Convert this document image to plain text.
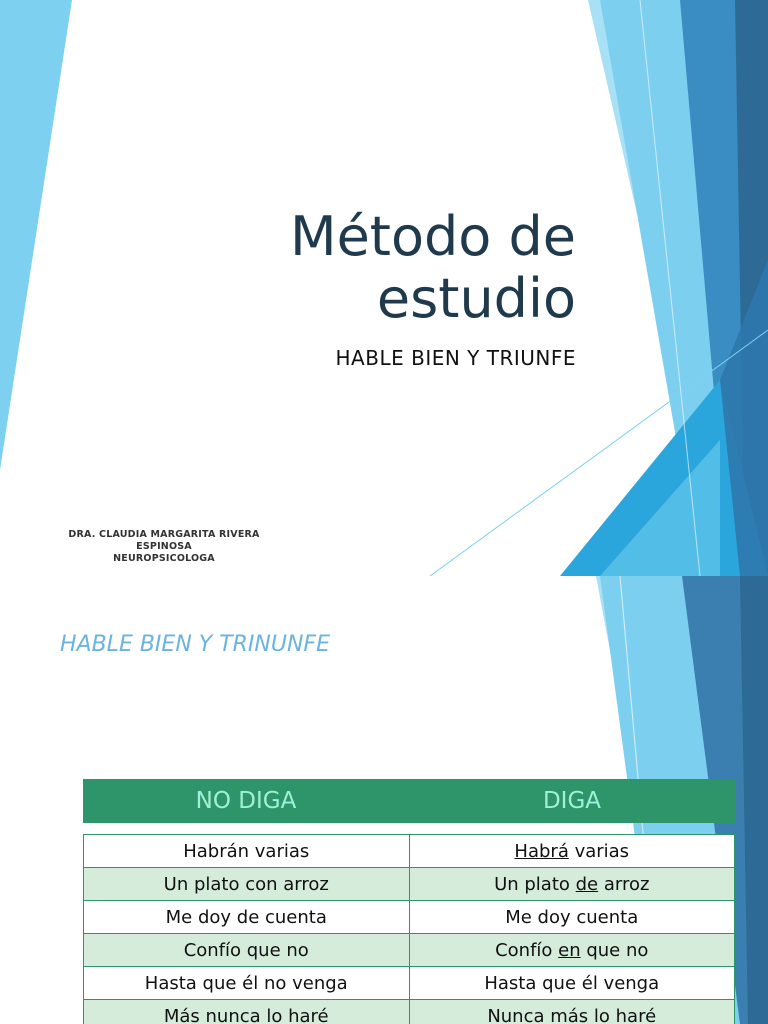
Método de
estudio

HABLE BIEN Y TRIUNFE

DRA. CLAUDIA MARGARITA RIVERA ESPINOSA
NEUROPSICOLOGA
HABLE BIEN Y TRINUNFE
NO DIGA	DIGA
Habrán varias	Habrá varias
Un plato con arroz	Un plato de arroz
Me doy de cuenta	Me doy cuenta
Confío que no	Confío en que no
Hasta que él no venga	Hasta que él venga
Más nunca lo haré	Nunca más lo haré
